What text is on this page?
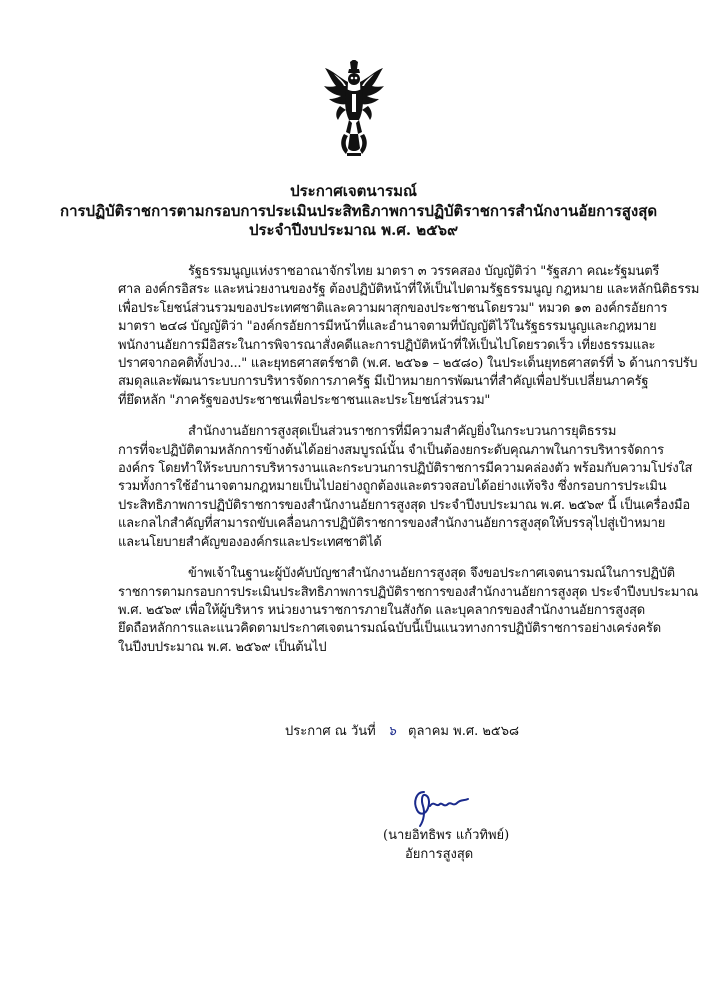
ประกาศเจตนารมณ์
การปฏิบัติราชการตามกรอบการประเมินประสิทธิภาพการปฏิบัติราชการสำนักงานอัยการสูงสุด
ประจำปีงบประมาณ พ.ศ. ๒๕๖๙

รัฐธรรมนูญแห่งราชอาณาจักรไทย มาตรา ๓ วรรคสอง บัญญัติว่า "รัฐสภา คณะรัฐมนตรี
ศาล องค์กรอิสระ และหน่วยงานของรัฐ ต้องปฏิบัติหน้าที่ให้เป็นไปตามรัฐธรรมนูญ กฎหมาย และหลักนิติธรรม
เพื่อประโยชน์ส่วนรวมของประเทศชาติและความผาสุกของประชาชนโดยรวม" หมวด ๑๓ องค์กรอัยการ
มาตรา ๒๔๘ บัญญัติว่า "องค์กรอัยการมีหน้าที่และอำนาจตามที่บัญญัติไว้ในรัฐธรรมนูญและกฎหมาย
พนักงานอัยการมีอิสระในการพิจารณาสั่งคดีและการปฏิบัติหน้าที่ให้เป็นไปโดยรวดเร็ว เที่ยงธรรมและ
ปราศจากอคติทั้งปวง..." และยุทธศาสตร์ชาติ (พ.ศ. ๒๕๖๑ – ๒๕๘๐) ในประเด็นยุทธศาสตร์ที่ ๖ ด้านการปรับ
สมดุลและพัฒนาระบบการบริหารจัดการภาครัฐ มีเป้าหมายการพัฒนาที่สำคัญเพื่อปรับเปลี่ยนภาครัฐ
ที่ยึดหลัก "ภาครัฐของประชาชนเพื่อประชาชนและประโยชน์ส่วนรวม"

สำนักงานอัยการสูงสุดเป็นส่วนราชการที่มีความสำคัญยิ่งในกระบวนการยุติธรรม
การที่จะปฏิบัติตามหลักการข้างต้นได้อย่างสมบูรณ์นั้น จำเป็นต้องยกระดับคุณภาพในการบริหารจัดการ
องค์กร โดยทำให้ระบบการบริหารงานและกระบวนการปฏิบัติราชการมีความคล่องตัว พร้อมกับความโปร่งใส
รวมทั้งการใช้อำนาจตามกฎหมายเป็นไปอย่างถูกต้องและตรวจสอบได้อย่างแท้จริง ซึ่งกรอบการประเมิน
ประสิทธิภาพการปฏิบัติราชการของสำนักงานอัยการสูงสุด ประจำปีงบประมาณ พ.ศ. ๒๕๖๙ นี้ เป็นเครื่องมือ
และกลไกสำคัญที่สามารถขับเคลื่อนการปฏิบัติราชการของสำนักงานอัยการสูงสุดให้บรรลุไปสู่เป้าหมาย
และนโยบายสำคัญขององค์กรและประเทศชาติได้

ข้าพเจ้าในฐานะผู้บังคับบัญชาสำนักงานอัยการสูงสุด จึงขอประกาศเจตนารมณ์ในการปฏิบัติ
ราชการตามกรอบการประเมินประสิทธิภาพการปฏิบัติราชการของสำนักงานอัยการสูงสุด ประจำปีงบประมาณ
พ.ศ. ๒๕๖๙ เพื่อให้ผู้บริหาร หน่วยงานราชการภายในสังกัด และบุคลากรของสำนักงานอัยการสูงสุด
ยึดถือหลักการและแนวคิดตามประกาศเจตนารมณ์ฉบับนี้เป็นแนวทางการปฏิบัติราชการอย่างเคร่งครัด
ในปีงบประมาณ พ.ศ. ๒๕๖๙ เป็นต้นไป

ประกาศ ณ วันที่ ๖ ตุลาคม พ.ศ. ๒๕๖๘
(นายอิทธิพร แก้วทิพย์)
อัยการสูงสุด
